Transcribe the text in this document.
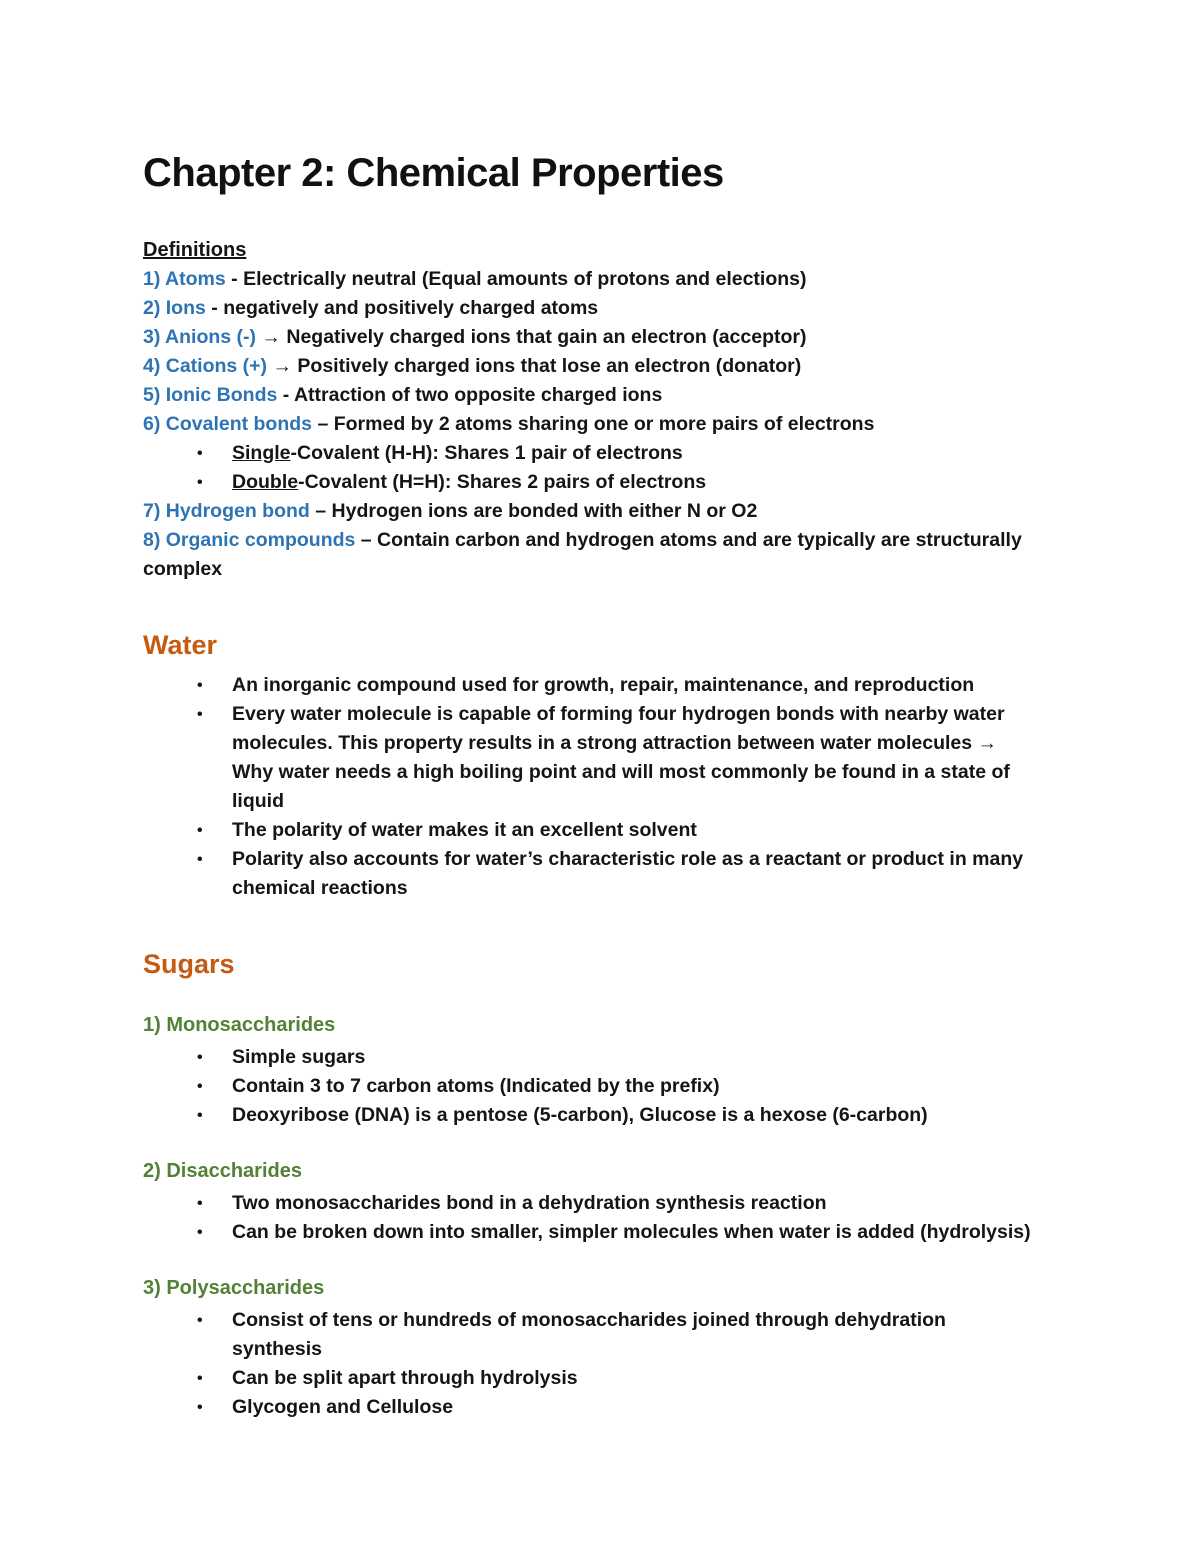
Chapter 2: Chemical Properties
Definitions
1) Atoms - Electrically neutral (Equal amounts of protons and elections)
2) Ions - negatively and positively charged atoms
3) Anions (-) → Negatively charged ions that gain an electron (acceptor)
4) Cations (+) → Positively charged ions that lose an electron (donator)
5) Ionic Bonds - Attraction of two opposite charged ions
6) Covalent bonds – Formed by 2 atoms sharing one or more pairs of electrons
•	Single-Covalent (H-H): Shares 1 pair of electrons
•	Double-Covalent (H=H): Shares 2 pairs of electrons
7) Hydrogen bond – Hydrogen ions are bonded with either N or O2
8) Organic compounds – Contain carbon and hydrogen atoms and are typically are structurally complex
Water
•	An inorganic compound used for growth, repair, maintenance, and reproduction
•	Every water molecule is capable of forming four hydrogen bonds with nearby water molecules. This property results in a strong attraction between water molecules → Why water needs a high boiling point and will most commonly be found in a state of liquid
•	The polarity of water makes it an excellent solvent
•	Polarity also accounts for water’s characteristic role as a reactant or product in many chemical reactions
Sugars
1) Monosaccharides
•	Simple sugars
•	Contain 3 to 7 carbon atoms (Indicated by the prefix)
•	Deoxyribose (DNA) is a pentose (5-carbon), Glucose is a hexose (6-carbon)
2) Disaccharides
•	Two monosaccharides bond in a dehydration synthesis reaction
•	Can be broken down into smaller, simpler molecules when water is added (hydrolysis)
3) Polysaccharides
•	Consist of tens or hundreds of monosaccharides joined through dehydration synthesis
•	Can be split apart through hydrolysis
•	Glycogen and Cellulose
